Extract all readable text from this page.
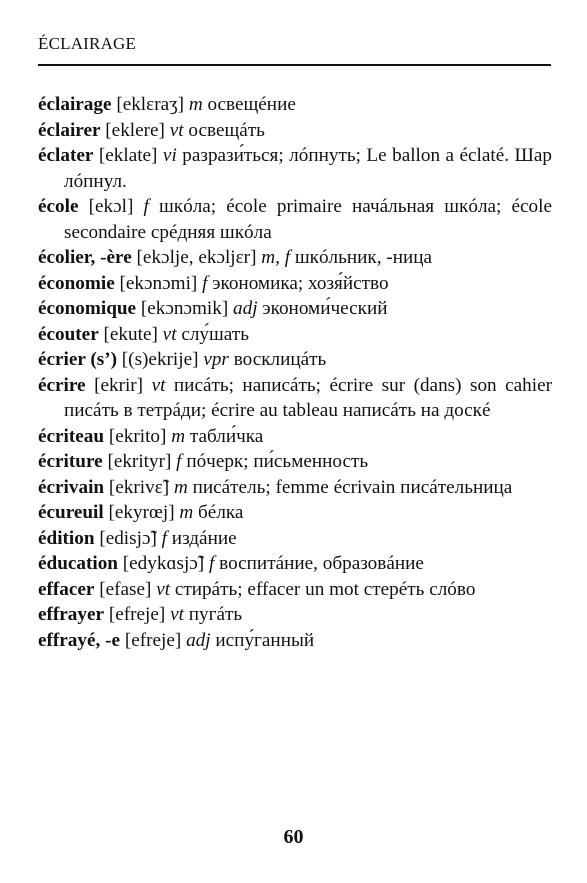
ÉCLAIRAGE

éclairage [eklɛraʒ] m освещéние

éclairer [eklere] vt освещáть

éclater [eklate] vi разрази́ться; лóпнуть; Le ballon a éclaté. Шар лóпнул.

école [ekɔl] f шкóла; école primaire начáльная шкóла; école secondaire срéдняя шкóла

écolier, -ère [ekɔlje, ekɔljɛr] m, f шкóльник, -ница

économie [ekɔnɔmi] f экономика; хозя́йство

économique [ekɔnɔmik] adj экономи́ческий

écouter [ekute] vt слу́шать

écrier (s’) [(s)ekrije] vpr восклицáть

écrire [ekrir] vt писáть; написáть; écrire sur (dans) son cahier писáть в тетрáди; écrire au tableau написáть на доскé

écriteau [ekrito] m табли́чка

écriture [ekrityr] f пóчерк; пи́сьменность

écrivain [ekrivɛ̃] m писáтель; femme écrivain писáтельница

écureuil [ekyrœj] m бéлка

édition [edisjɔ̃] f издáние

éducation [edykɑsjɔ̃] f воспитáние, образовáние

effacer [efase] vt стирáть; effacer un mot стерéть слóво

effrayer [efreje] vt пугáть

effrayé, -e [efreje] adj испу́ганный

60
